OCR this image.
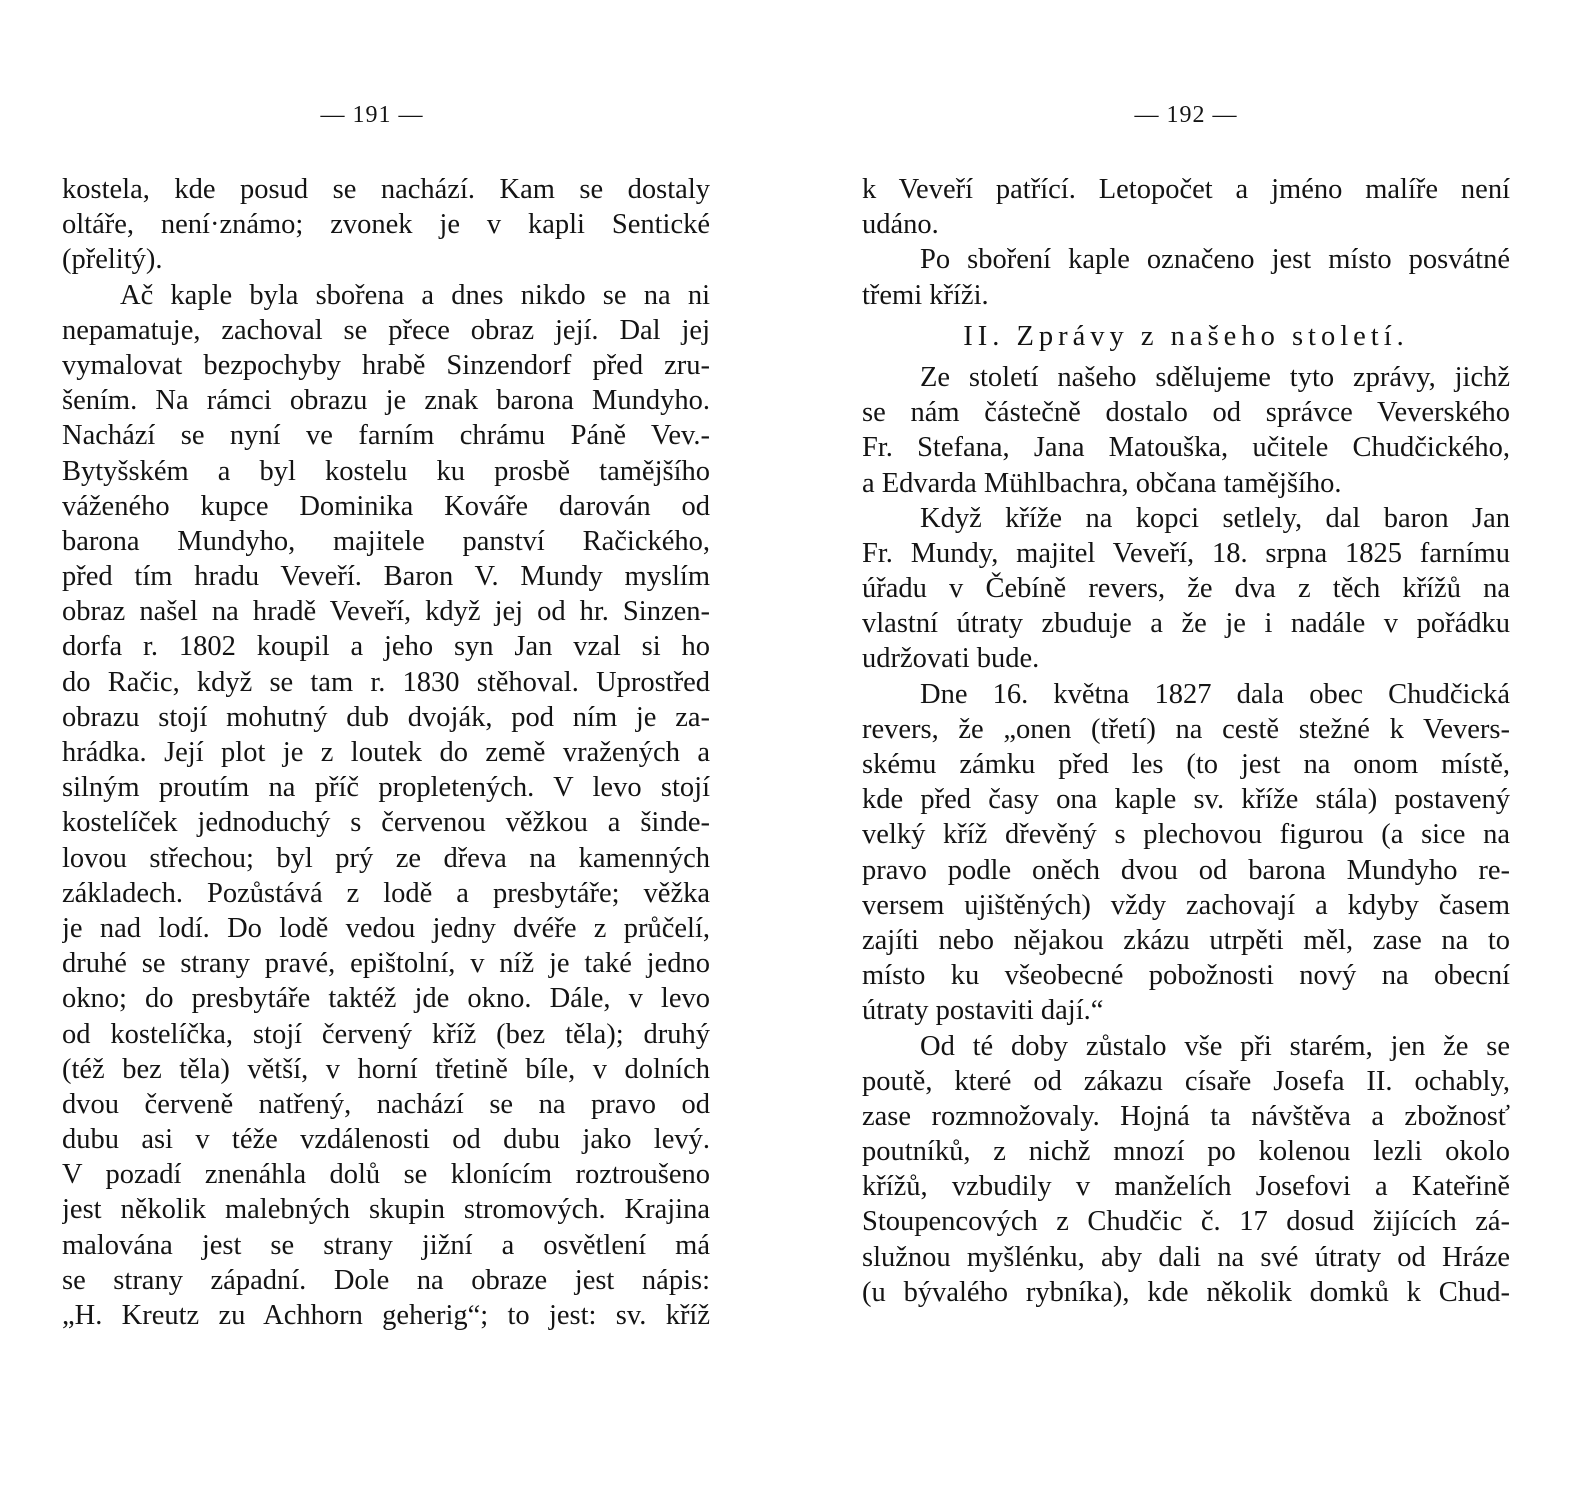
— 191 —
kostela, kde posud se nachází. Kam se dostaly
oltáře, není·známo; zvonek je v kapli Sentické
(přelitý).
Ač kaple byla sbořena a dnes nikdo se na ni
nepamatuje, zachoval se přece obraz její. Dal jej
vymalovat bezpochyby hrabě Sinzendorf před zru-
šením. Na rámci obrazu je znak barona Mundyho.
Nachází se nyní ve farním chrámu Páně Vev.-
Bytyšském a byl kostelu ku prosbě tamějšího
váženého kupce Dominika Kováře darován od
barona Mundyho, majitele panství Račického,
před tím hradu Veveří. Baron V. Mundy myslím
obraz našel na hradě Veveří, když jej od hr. Sinzen-
dorfa r. 1802 koupil a jeho syn Jan vzal si ho
do Račic, když se tam r. 1830 stěhoval. Uprostřed
obrazu stojí mohutný dub dvoják, pod ním je za-
hrádka. Její plot je z loutek do země vražených a
silným proutím na příč propletených. V levo stojí
kostelíček jednoduchý s červenou věžkou a šinde-
lovou střechou; byl prý ze dřeva na kamenných
základech. Pozůstává z lodě a presbytáře; věžka
je nad lodí. Do lodě vedou jedny dvéře z průčelí,
druhé se strany pravé, epištolní, v níž je také jedno
okno; do presbytáře taktéž jde okno. Dále, v levo
od kostelíčka, stojí červený kříž (bez těla); druhý
(též bez těla) větší, v horní třetině bíle, v dolních
dvou červeně natřený, nachází se na pravo od
dubu asi v téže vzdálenosti od dubu jako levý.
V pozadí znenáhla dolů se klonícím roztroušeno
jest několik malebných skupin stromových. Krajina
malována jest se strany jižní a osvětlení má
se strany západní. Dole na obraze jest nápis:
„H. Kreutz zu Achhorn geherig“; to jest: sv. kříž
— 192 —
k Veveří patřící. Letopočet a jméno malíře není
udáno.
Po sboření kaple označeno jest místo posvátné
třemi kříži.
II. Zprávy z našeho století.
Ze století našeho sdělujeme tyto zprávy, jichž
se nám částečně dostalo od správce Veverského
Fr. Stefana, Jana Matouška, učitele Chudčického,
a Edvarda Mühlbachra, občana tamějšího.
Když kříže na kopci setlely, dal baron Jan
Fr. Mundy, majitel Veveří, 18. srpna 1825 farnímu
úřadu v Čebíně revers, že dva z těch křížů na
vlastní útraty zbuduje a že je i nadále v pořádku
udržovati bude.
Dne 16. května 1827 dala obec Chudčická
revers, že „onen (třetí) na cestě stežné k Vevers-
skému zámku před les (to jest na onom místě,
kde před časy ona kaple sv. kříže stála) postavený
velký kříž dřevěný s plechovou figurou (a sice na
pravo podle oněch dvou od barona Mundyho re-
versem ujištěných) vždy zachovají a kdyby časem
zajíti nebo nějakou zkázu utrpěti měl, zase na to
místo ku všeobecné pobožnosti nový na obecní
útraty postaviti dají.“
Od té doby zůstalo vše při starém, jen že se
poutě, které od zákazu císaře Josefa II. ochably,
zase rozmnožovaly. Hojná ta návštěva a zbožnosť
poutníků, z nichž mnozí po kolenou lezli okolo
křížů, vzbudily v manželích Josefovi a Kateřině
Stoupencových z Chudčic č. 17 dosud žijících zá-
služnou myšlénku, aby dali na své útraty od Hráze
(u bývalého rybníka), kde několik domků k Chud-
